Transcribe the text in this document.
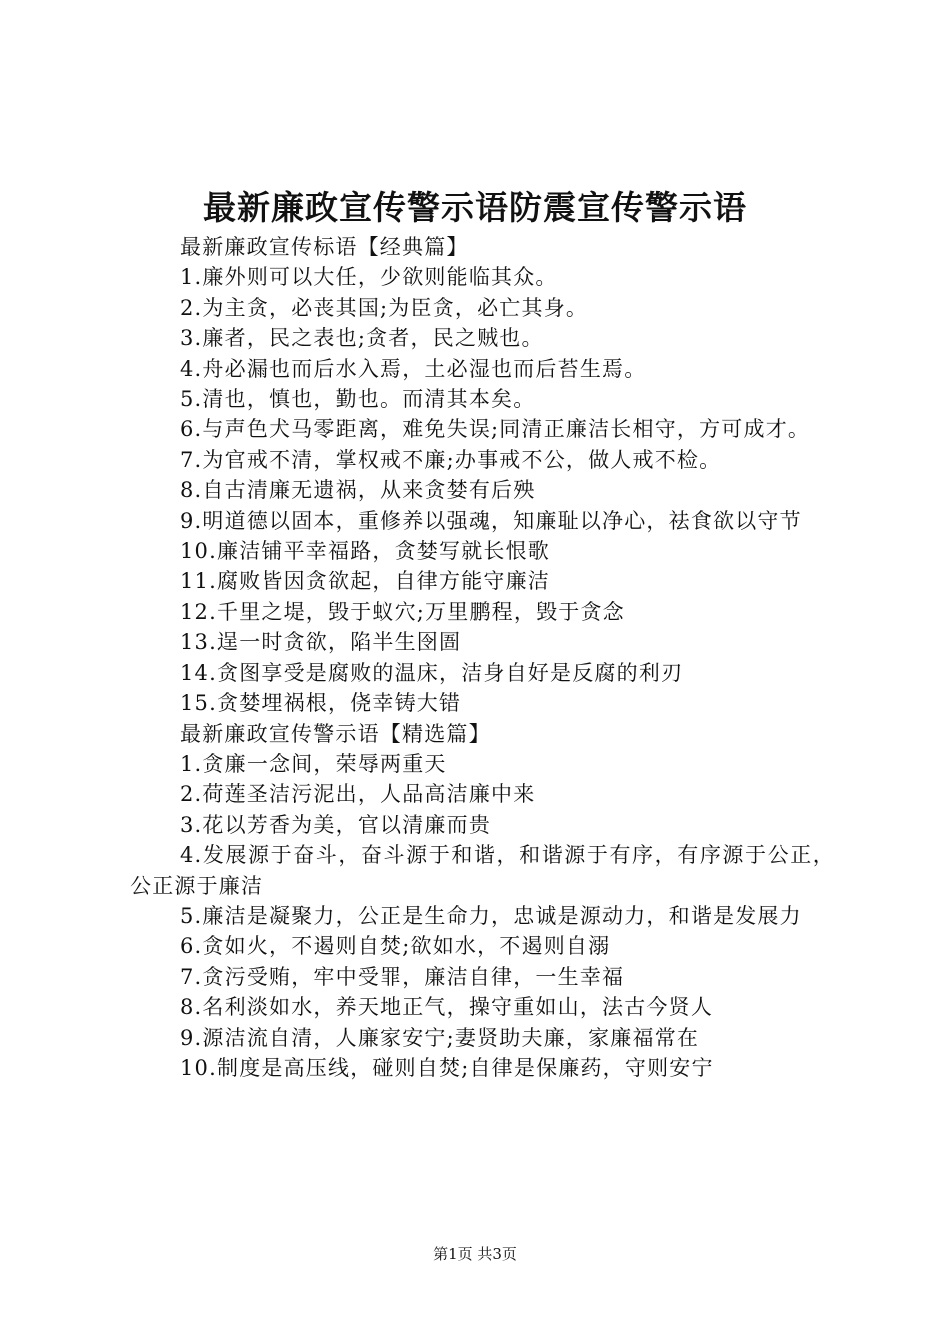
最新廉政宣传警示语防震宣传警示语

最新廉政宣传标语【经典篇】

1.廉外则可以大任，少欲则能临其众。

2.为主贪，必丧其国;为臣贪，必亡其身。

3.廉者，民之表也;贪者，民之贼也。

4.舟必漏也而后水入焉，土必湿也而后苔生焉。

5.清也，慎也，勤也。而清其本矣。

6.与声色犬马零距离，难免失误;同清正廉洁长相守，方可成才。

7.为官戒不清，掌权戒不廉;办事戒不公，做人戒不检。

8.自古清廉无遗祸，从来贪婪有后殃

9.明道德以固本，重修养以强魂，知廉耻以净心，祛食欲以守节

10.廉洁铺平幸福路，贪婪写就长恨歌

11.腐败皆因贪欲起，自律方能守廉洁

12.千里之堤，毁于蚁穴;万里鹏程，毁于贪念

13.逞一时贪欲，陷半生囹圄

14.贪图享受是腐败的温床，洁身自好是反腐的利刃

15.贪婪埋祸根，侥幸铸大错

最新廉政宣传警示语【精选篇】

1.贪廉一念间，荣辱两重天

2.荷莲圣洁污泥出，人品高洁廉中来

3.花以芳香为美，官以清廉而贵

4.发展源于奋斗，奋斗源于和谐，和谐源于有序，有序源于公正，公正源于廉洁

5.廉洁是凝聚力，公正是生命力，忠诚是源动力，和谐是发展力

6.贪如火，不遏则自焚;欲如水，不遏则自溺

7.贪污受贿，牢中受罪，廉洁自律，一生幸福

8.名利淡如水，养天地正气，操守重如山，法古今贤人

9.源洁流自清，人廉家安宁;妻贤助夫廉，家廉福常在

10.制度是高压线，碰则自焚;自律是保廉药，守则安宁

第1页 共3页
